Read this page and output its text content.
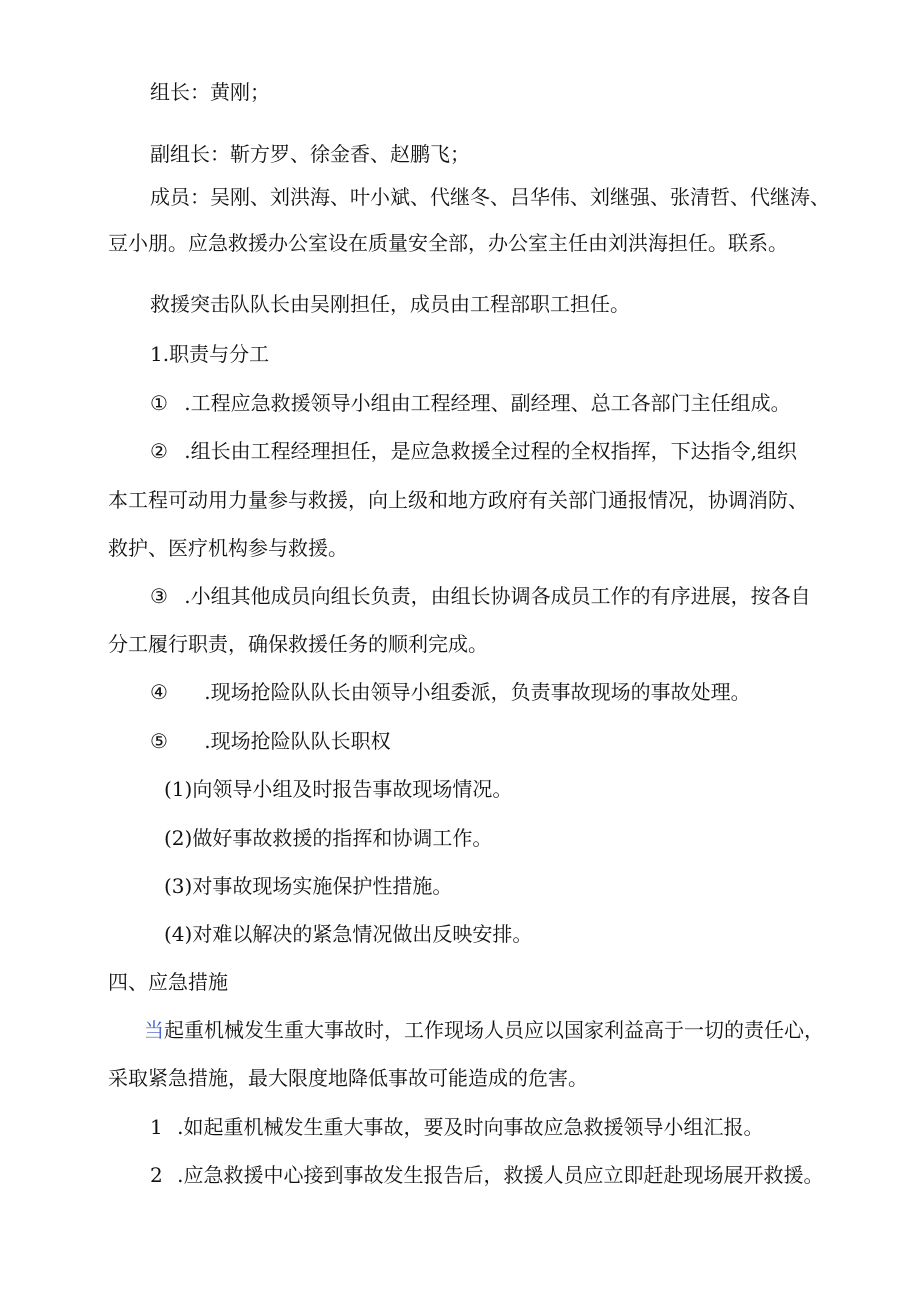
组长：黄刚；
副组长：靳方罗、徐金香、赵鹏飞；
成员：吴刚、刘洪海、叶小斌、代继冬、吕华伟、刘继强、张清哲、代继涛、
豆小朋。应急救援办公室设在质量安全部，办公室主任由刘洪海担任。联系。
救援突击队队长由吴刚担任，成员由工程部职工担任。
1.职责与分工
① .工程应急救援领导小组由工程经理、副经理、总工各部门主任组成。
② .组长由工程经理担任，是应急救援全过程的全权指挥，下达指令,组织
本工程可动用力量参与救援，向上级和地方政府有关部门通报情况，协调消防、
救护、医疗机构参与救援。
③ .小组其他成员向组长负责，由组长协调各成员工作的有序进展，按各自
分工履行职责，确保救援任务的顺利完成。
④ .现场抢险队队长由领导小组委派，负责事故现场的事故处理。
⑤ .现场抢险队队长职权
(1)向领导小组及时报告事故现场情况。
(2)做好事故救援的指挥和协调工作。
(3)对事故现场实施保护性措施。
(4)对难以解决的紧急情况做出反映安排。
四、应急措施
当起重机械发生重大事故时，工作现场人员应以国家利益高于一切的责任心，
采取紧急措施，最大限度地降低事故可能造成的危害。
1 .如起重机械发生重大事故，要及时向事故应急救援领导小组汇报。
2 .应急救援中心接到事故发生报告后，救援人员应立即赶赴现场展开救援。
